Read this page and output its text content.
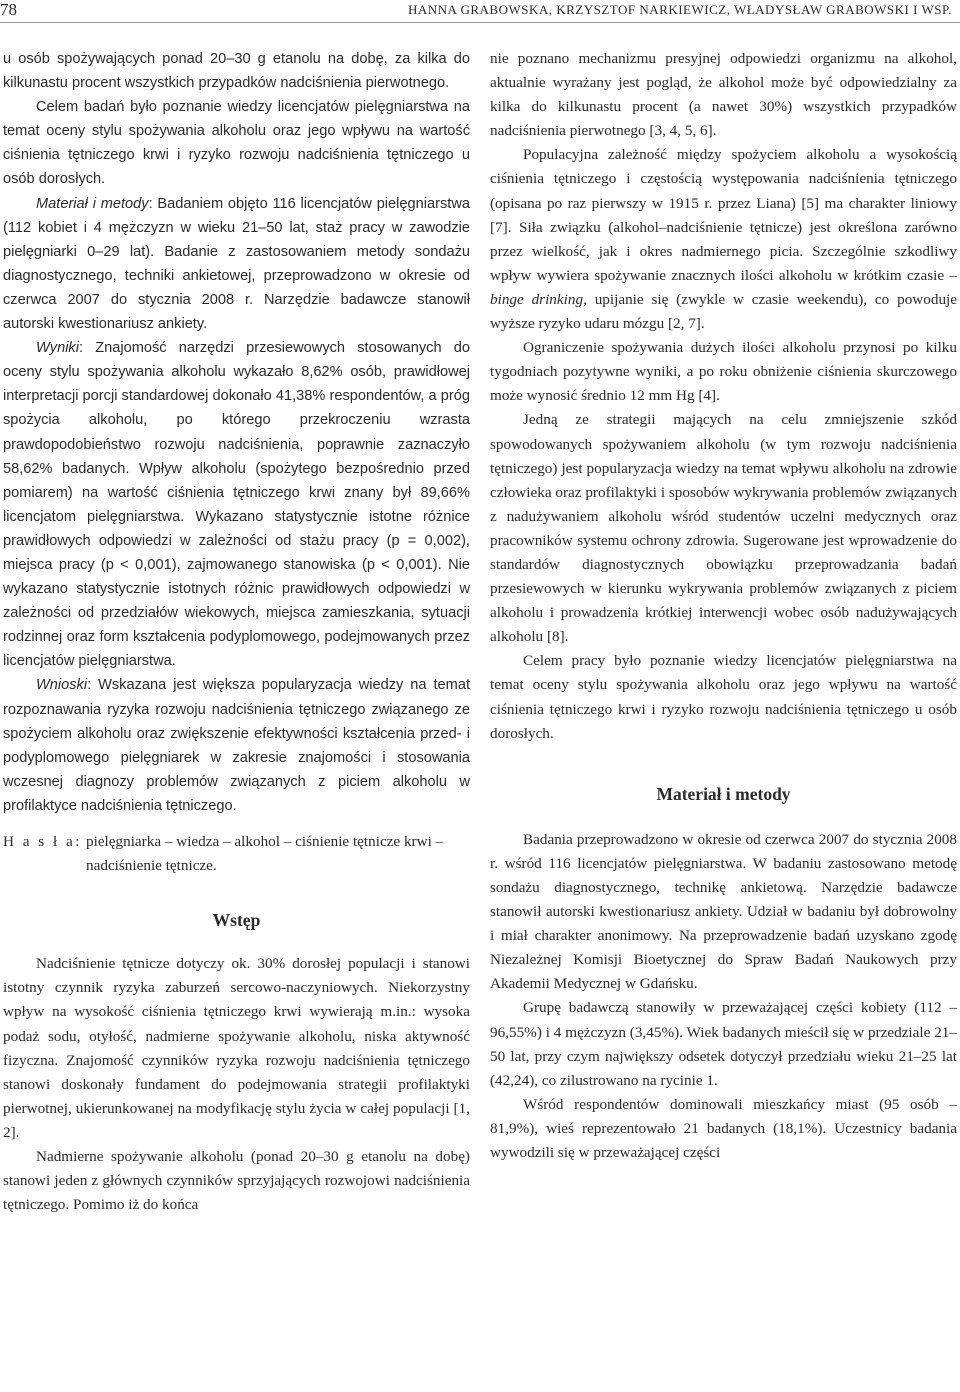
78	HANNA GRABOWSKA, KRZYSZTOF NARKIEWICZ, WŁADYSŁAW GRABOWSKI I WSP.

u osób spożywających ponad 20–30 g etanolu na dobę, za kilka do kilkunastu procent wszystkich przypadków nadciśnienia pierwotnego.

Celem badań było poznanie wiedzy licencjatów pielęgniarstwa na temat oceny stylu spożywania alkoholu oraz jego wpływu na wartość ciśnienia tętniczego krwi i ryzyko rozwoju nadciśnienia tętniczego u osób dorosłych.

Materiał i metody: Badaniem objęto 116 licencjatów pielęgniarstwa (112 kobiet i 4 mężczyzn w wieku 21–50 lat, staż pracy w zawodzie pielęgniarki 0–29 lat). Badanie z zastosowaniem metody sondażu diagnostycznego, techniki ankietowej, przeprowadzono w okresie od czerwca 2007 do stycznia 2008 r. Narzędzie badawcze stanowił autorski kwestionariusz ankiety.

Wyniki: Znajomość narzędzi przesiewowych stosowanych do oceny stylu spożywania alkoholu wykazało 8,62% osób, prawidłowej interpretacji porcji standardowej dokonało 41,38% respondentów, a próg spożycia alkoholu, po którego przekroczeniu wzrasta prawdopodobieństwo rozwoju nadciśnienia, poprawnie zaznaczyło 58,62% badanych. Wpływ alkoholu (spożytego bezpośrednio przed pomiarem) na wartość ciśnienia tętniczego krwi znany był 89,66% licencjatom pielęgniarstwa. Wykazano statystycznie istotne różnice prawidłowych odpowiedzi w zależności od stażu pracy (p = 0,002), miejsca pracy (p < 0,001), zajmowanego stanowiska (p < 0,001). Nie wykazano statystycznie istotnych różnic prawidłowych odpowiedzi w zależności od przedziałów wiekowych, miejsca zamieszkania, sytuacji rodzinnej oraz form kształcenia podyplomowego, podejmowanych przez licencjatów pielęgniarstwa.

Wnioski: Wskazana jest większa popularyzacja wiedzy na temat rozpoznawania ryzyka rozwoju nadciśnienia tętniczego związanego ze spożyciem alkoholu oraz zwiększenie efektywności kształcenia przed- i podyplomowego pielęgniarek w zakresie znajomości i stosowania wczesnej diagnozy problemów związanych z piciem alkoholu w profilaktyce nadciśnienia tętniczego.

H a s ł a: pielęgniarka – wiedza – alkohol – ciśnienie tętnicze krwi – nadciśnienie tętnicze.

Wstęp

Nadciśnienie tętnicze dotyczy ok. 30% dorosłej populacji i stanowi istotny czynnik ryzyka zaburzeń sercowo-naczyniowych. Niekorzystny wpływ na wysokość ciśnienia tętniczego krwi wywierają m.in.: wysoka podaż sodu, otyłość, nadmierne spożywanie alkoholu, niska aktywność fizyczna. Znajomość czynników ryzyka rozwoju nadciśnienia tętniczego stanowi doskonały fundament do podejmowania strategii profilaktyki pierwotnej, ukierunkowanej na modyfikację stylu życia w całej populacji [1, 2].

Nadmierne spożywanie alkoholu (ponad 20–30 g etanolu na dobę) stanowi jeden z głównych czynników sprzyjających rozwojowi nadciśnienia tętniczego. Pomimo iż do końca

nie poznano mechanizmu presyjnej odpowiedzi organizmu na alkohol, aktualnie wyrażany jest pogląd, że alkohol może być odpowiedzialny za kilka do kilkunastu procent (a nawet 30%) wszystkich przypadków nadciśnienia pierwotnego [3, 4, 5, 6].

Populacyjna zależność między spożyciem alkoholu a wysokością ciśnienia tętniczego i częstością występowania nadciśnienia tętniczego (opisana po raz pierwszy w 1915 r. przez Liana) [5] ma charakter liniowy [7]. Siła związku (alkohol–nadciśnienie tętnicze) jest określona zarówno przez wielkość, jak i okres nadmiernego picia. Szczególnie szkodliwy wpływ wywiera spożywanie znacznych ilości alkoholu w krótkim czasie – binge drinking, upijanie się (zwykle w czasie weekendu), co powoduje wyższe ryzyko udaru mózgu [2, 7].

Ograniczenie spożywania dużych ilości alkoholu przynosi po kilku tygodniach pozytywne wyniki, a po roku obniżenie ciśnienia skurczowego może wynosić średnio 12 mm Hg [4].

Jedną ze strategii mających na celu zmniejszenie szkód spowodowanych spożywaniem alkoholu (w tym rozwoju nadciśnienia tętniczego) jest popularyzacja wiedzy na temat wpływu alkoholu na zdrowie człowieka oraz profilaktyki i sposobów wykrywania problemów związanych z nadużywaniem alkoholu wśród studentów uczelni medycznych oraz pracowników systemu ochrony zdrowia. Sugerowane jest wprowadzenie do standardów diagnostycznych obowiązku przeprowadzania badań przesiewowych w kierunku wykrywania problemów związanych z piciem alkoholu i prowadzenia krótkiej interwencji wobec osób nadużywających alkoholu [8].

Celem pracy było poznanie wiedzy licencjatów pielęgniarstwa na temat oceny stylu spożywania alkoholu oraz jego wpływu na wartość ciśnienia tętniczego krwi i ryzyko rozwoju nadciśnienia tętniczego u osób dorosłych.

Materiał i metody

Badania przeprowadzono w okresie od czerwca 2007 do stycznia 2008 r. wśród 116 licencjatów pielęgniarstwa. W badaniu zastosowano metodę sondażu diagnostycznego, technikę ankietową. Narzędzie badawcze stanowił autorski kwestionariusz ankiety. Udział w badaniu był dobrowolny i miał charakter anonimowy. Na przeprowadzenie badań uzyskano zgodę Niezależnej Komisji Bioetycznej do Spraw Badań Naukowych przy Akademii Medycznej w Gdańsku.

Grupę badawczą stanowiły w przeważającej części kobiety (112 – 96,55%) i 4 mężczyzn (3,45%). Wiek badanych mieścił się w przedziale 21–50 lat, przy czym największy odsetek dotyczył przedziału wieku 21–25 lat (42,24), co zilustrowano na rycinie 1.

Wśród respondentów dominowali mieszkańcy miast (95 osób – 81,9%), wieś reprezentowało 21 badanych (18,1%). Uczestnicy badania wywodzili się w przeważającej części
